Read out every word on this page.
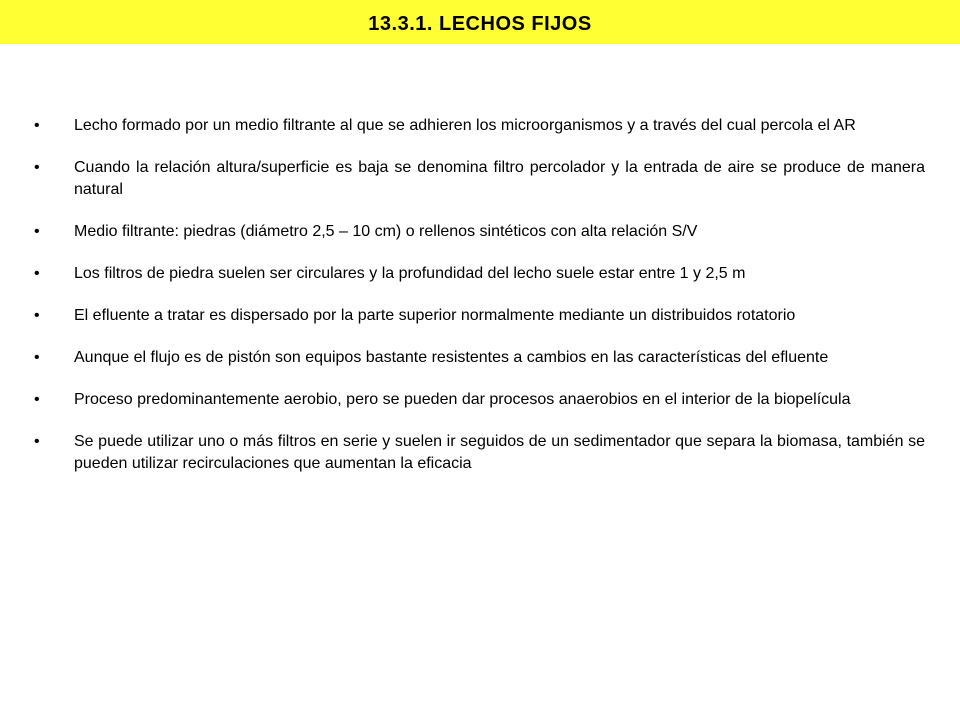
13.3.1. LECHOS FIJOS
•	Lecho formado por un medio filtrante al que se adhieren los microorganismos y a través del cual percola el AR
•	Cuando la relación altura/superficie es baja se denomina filtro percolador y la entrada de aire se produce de manera natural
•	Medio filtrante: piedras (diámetro 2,5 – 10 cm) o rellenos sintéticos con alta relación S/V
•	Los filtros de piedra suelen ser circulares y la profundidad del lecho suele estar entre 1 y 2,5 m
•	El efluente a tratar es dispersado por la parte superior normalmente mediante un distribuidos rotatorio
•	Aunque el flujo es de pistón son equipos bastante resistentes a cambios en las características del efluente
•	Proceso predominantemente aerobio, pero se pueden dar procesos anaerobios en el interior de la biopelícula
•	Se puede utilizar uno o más filtros en serie y suelen ir seguidos de un sedimentador que separa la biomasa, también se pueden utilizar recirculaciones que aumentan la eficacia
